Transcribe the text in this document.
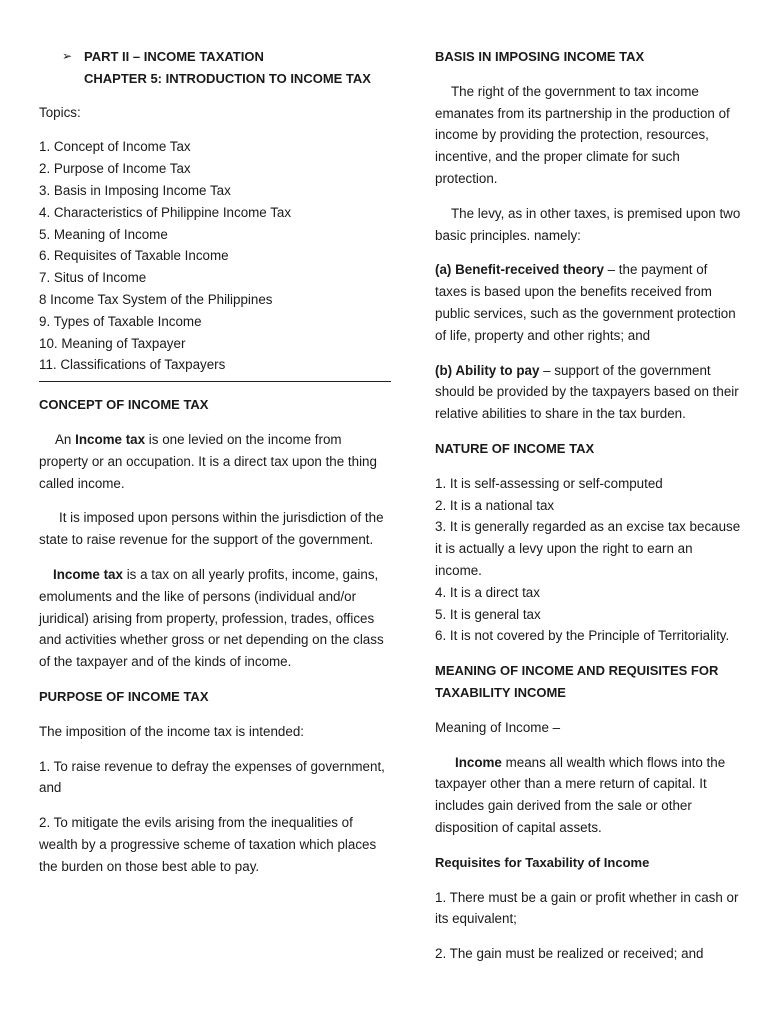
➢ PART II – INCOME TAXATION

CHAPTER 5: INTRODUCTION TO INCOME TAX

Topics:

1. Concept of Income Tax
2. Purpose of Income Tax
3. Basis in Imposing Income Tax
4. Characteristics of Philippine Income Tax
5. Meaning of Income
6. Requisites of Taxable Income
7. Situs of Income
8 Income Tax System of the Philippines
9. Types of Taxable Income
10. Meaning of Taxpayer
11. Classifications of Taxpayers

CONCEPT OF INCOME TAX

An Income tax is one levied on the income from property or an occupation. It is a direct tax upon the thing called income.

It is imposed upon persons within the jurisdiction of the state to raise revenue for the support of the government.

Income tax is a tax on all yearly profits, income, gains, emoluments and the like of persons (individual and/or juridical) arising from property, profession, trades, offices and activities whether gross or net depending on the class of the taxpayer and of the kinds of income.

PURPOSE OF INCOME TAX

The imposition of the income tax is intended:

1. To raise revenue to defray the expenses of government, and

2. To mitigate the evils arising from the inequalities of wealth by a progressive scheme of taxation which places the burden on those best able to pay.

BASIS IN IMPOSING INCOME TAX

The right of the government to tax income emanates from its partnership in the production of income by providing the protection, resources, incentive, and the proper climate for such protection.

The levy, as in other taxes, is premised upon two basic principles. namely:

(a) Benefit-received theory – the payment of taxes is based upon the benefits received from public services, such as the government protection of life, property and other rights; and

(b) Ability to pay – support of the government should be provided by the taxpayers based on their relative abilities to share in the tax burden.

NATURE OF INCOME TAX

1. It is self-assessing or self-computed
2. It is a national tax
3. It is generally regarded as an excise tax because it is actually a levy upon the right to earn an income.
4. It is a direct tax
5. It is general tax
6. It is not covered by the Principle of Territoriality.

MEANING OF INCOME AND REQUISITES FOR TAXABILITY INCOME

Meaning of Income –

Income means all wealth which flows into the taxpayer other than a mere return of capital. It includes gain derived from the sale or other disposition of capital assets.

Requisites for Taxability of Income

1. There must be a gain or profit whether in cash or its equivalent;

2. The gain must be realized or received; and
